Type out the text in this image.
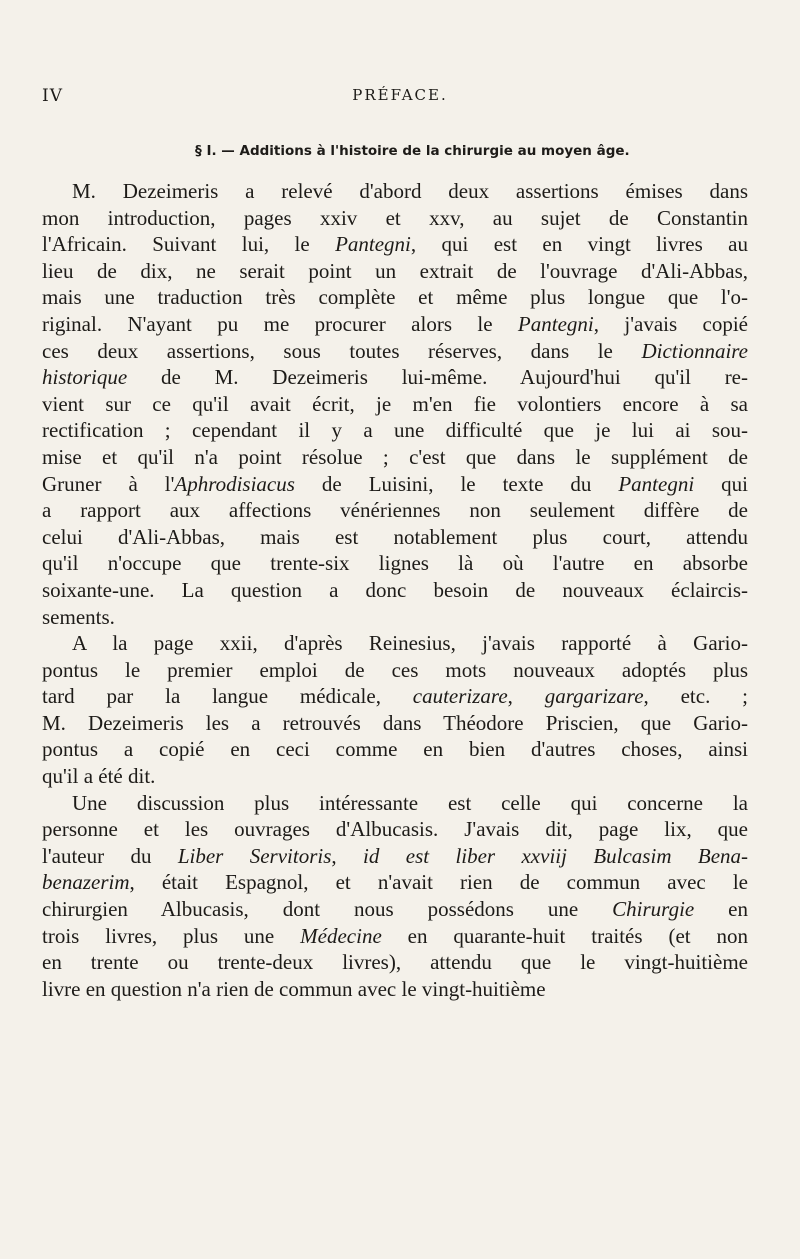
IV	PRÉFACE.
§ I. — Additions à l'histoire de la chirurgie au moyen âge.

M. Dezeimeris a relevé d'abord deux assertions émises dans
mon introduction, pages xxiv et xxv, au sujet de Constantin
l'Africain. Suivant lui, le Pantegni, qui est en vingt livres au
lieu de dix, ne serait point un extrait de l'ouvrage d'Ali-Abbas,
mais une traduction très complète et même plus longue que l'o-
riginal. N'ayant pu me procurer alors le Pantegni, j'avais copié
ces deux assertions, sous toutes réserves, dans le Dictionnaire
historique de M. Dezeimeris lui-même. Aujourd'hui qu'il re-
vient sur ce qu'il avait écrit, je m'en fie volontiers encore à sa
rectification ; cependant il y a une difficulté que je lui ai sou-
mise et qu'il n'a point résolue ; c'est que dans le supplément de
Gruner à l'Aphrodisiacus de Luisini, le texte du Pantegni qui
a rapport aux affections vénériennes non seulement diffère de
celui d'Ali-Abbas, mais est notablement plus court, attendu
qu'il n'occupe que trente-six lignes là où l'autre en absorbe
soixante-une. La question a donc besoin de nouveaux éclaircis-
sements.

A la page xxii, d'après Reinesius, j'avais rapporté à Gario-
pontus le premier emploi de ces mots nouveaux adoptés plus
tard par la langue médicale, cauterizare, gargarizare, etc. ;
M. Dezeimeris les a retrouvés dans Théodore Priscien, que Gario-
pontus a copié en ceci comme en bien d'autres choses, ainsi
qu'il a été dit.

Une discussion plus intéressante est celle qui concerne la
personne et les ouvrages d'Albucasis. J'avais dit, page lix, que
l'auteur du Liber Servitoris, id est liber xxviij Bulcasim Bena-
benazerim, était Espagnol, et n'avait rien de commun avec le
chirurgien Albucasis, dont nous possédons une Chirurgie en
trois livres, plus une Médecine en quarante-huit traités (et non
en trente ou trente-deux livres), attendu que le vingt-huitième
livre en question n'a rien de commun avec le vingt-huitième
